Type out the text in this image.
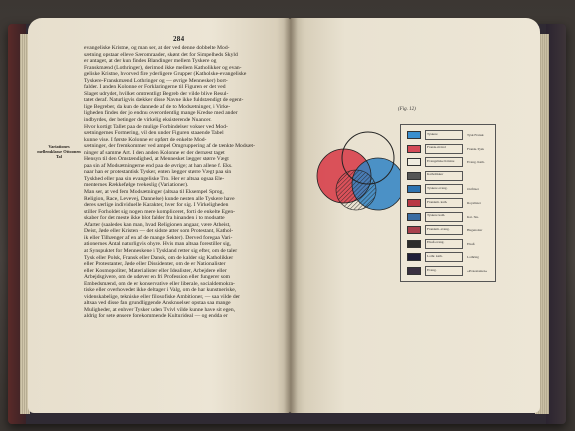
284
Variationes mellemklasse Ottoonen Tal
evangeliske Kristne, og man ser, at der ved denne dobbelte Mod-
sætning opstaar elleve Særomraader, skønt det for Simpelheds Skyld
er antaget, at der kun findes Blandinger mellem Tyskere og
Franskmænd (Lothringer), derimod ikke mellem Katholikker og evan-
geliske Kristne, hvorved fire yderligere Grupper (Katholske-evangeliske
Tyskere-Franskmænd Lothringer og — øvrige Mennesker) bort-
falder. I anden Kolonne er Forklaringerne til Figuren er det ved
Slaget udrydet, hvilket omtrentligt Begreb der vilde blive Resul-
tatet deraf. Naturligvis dækker disse Navne ikke fuldstændigt de egent-
lige Begreber, da kun de dannede af de to Modsætninger, i Virke-
ligheden findes der jo endnu overordentlig mange Kredse med ander
indbyrdes, der betinger de virkelig eksisterende Nuancer.
Hvor kortigt Tallet paa de mulige Forbindelser vokser ved Mod-
sætningernes Formering, vil den under Figuren staaende Tabel
kunne vise. I første Kolonne er opført de enkelte Mod-
sætninger, der fremkommer ved ampel Omgruppering af de tænkte Modsæt-
ninger af samme Art. I den anden Kolonne er der dernæst taget
Hensyn til den Omstændighed, at Mennesket lægger større Vægt
paa sin af Modsætningerne end paa de øvrige; at han allene f. Eks.
naar han er protestantisk Tysker, enten lægger større Vægt paa sin
Tyskhed eller paa sin evangeliske Tro. Her er altsaa ogsaa Ele-
menternes Rækkefølge tvekeslig (Variationer).
Man ser, at ved fem Modsætninger (altsaa til Eksempel Sprog,
Religion, Race, Levevej, Dannelse) kunde nesten alle Tyskere have
deres særlige individuelle Karakter, hver for sig. I Virkeligheden
stiller Forholdet sig nogen mere kompliceret, forti de enkelte Egen-
skaber for det meste ikke blot falder fra hinanden i to modsatte
Afarter (saaledes kan man, hvad Religionen angaar, være Atheist,
Deist, Jøde eller Kristen — det sidste atter som Protestant, Kathol-
ik eller Tilhænger af en af de mange Sekter). Derved foregaa Vari-
ationernes Antal naturligvis ohyre. Hvis man altsaa forestiller sig,
at Synspuktet for Menneskene i Tyskland retter sig efter, om de taler
Tysk eller Polsk, Fransk eller Dansk, om de kalder sig Katholikker
eller Protestanter, Jøde eller Dissidenter, om de er Nationalister
eller Kosmopoliter, Materialister eller Idealister, Arbejdere eller
Arbejdsgivere, om de udøver en fri Profession eller fungerer som
Embedsmænd, om de er konservative eller liberale, socialdemokra-
tiske eller overhovedet ikke deltager i Valg, om de har kunstneriske,
videnskabelige, tekniske eller filosofiske Ambitioner, — saa vilde der
altsaa ved disse fan grundliggende Ansknuelser opstaa saa mange
Muligheder, at enhver Tysker uden Tvivl vilde kunne have sit egen,
aldrig for sete ønsere forekommende Kulturideal — og endda er
(Fig. 12)
Tyskere	Tysk Fransk
Fransk-mænd	Fransk-Tysk
Evangeliske Kristne	Evang. Kath.
Katholikker
Tyskere evang.	Ostfriser
Franskm. kath.	Royalister
Tyskere kath.	Kat. Stu.
Franskm. evang.	Hugenotter
Elsaß evang.	Elsaß
Lothr. kath.	Lothring
Evang.	»Protestanten«
